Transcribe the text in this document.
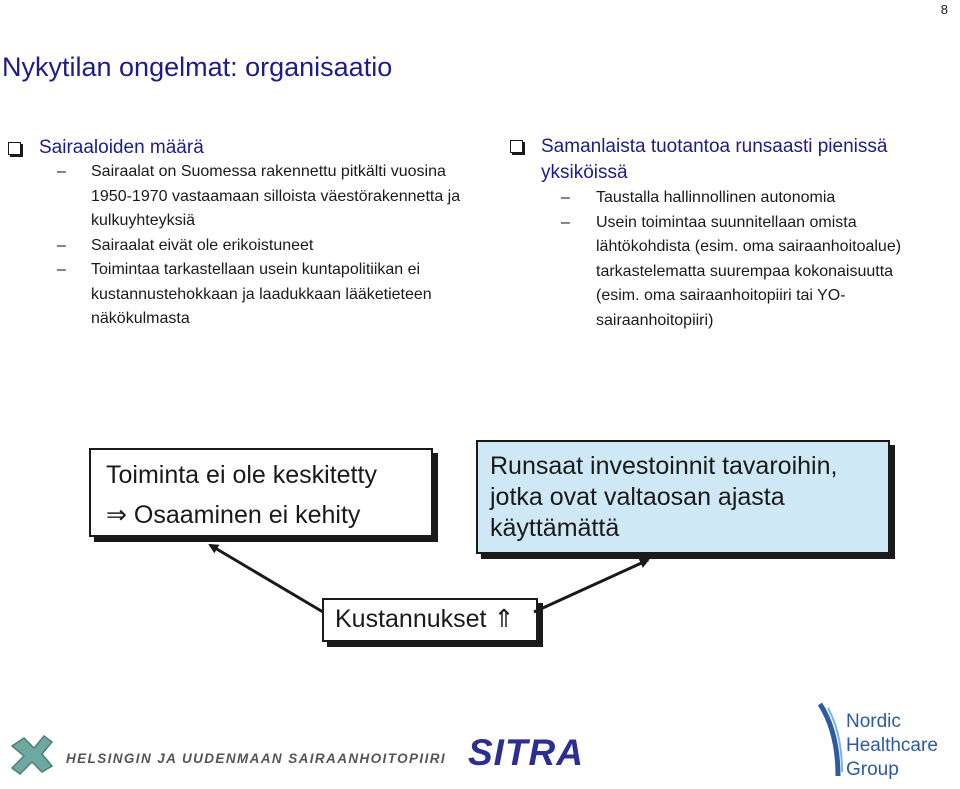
8
Nykytilan ongelmat: organisaatio
Sairaaloiden määrä
– Sairaalat on Suomessa rakennettu pitkälti vuosina 1950-1970 vastaamaan silloista väestörakennetta ja kulkuyhteyksiä
– Sairaalat eivät ole erikoistuneet
– Toimintaa tarkastellaan usein kuntapolitiikan ei kustannustehokkaan ja laadukkaan lääketieteen näkökulmasta
Samanlaista tuotantoa runsaasti pienissä yksiköissä
– Taustalla hallinnollinen autonomia
– Usein toimintaa suunnitellaan omista lähtökohdista (esim. oma sairaanhoitoalue) tarkastelematta suurempaa kokonaisuutta (esim. oma sairaanhoitopiiri tai YO-sairaanhoitopiiri)
Toiminta ei ole keskitetty
⇒ Osaaminen ei kehity
Runsaat investoinnit tavaroihin, jotka ovat valtaosan ajasta käyttämättä
Kustannukset ⇑
HELSINGIN JA UUDENMAAN SAIRAANHOITOPIIRI SITRA
Nordic
Healthcare
Group
